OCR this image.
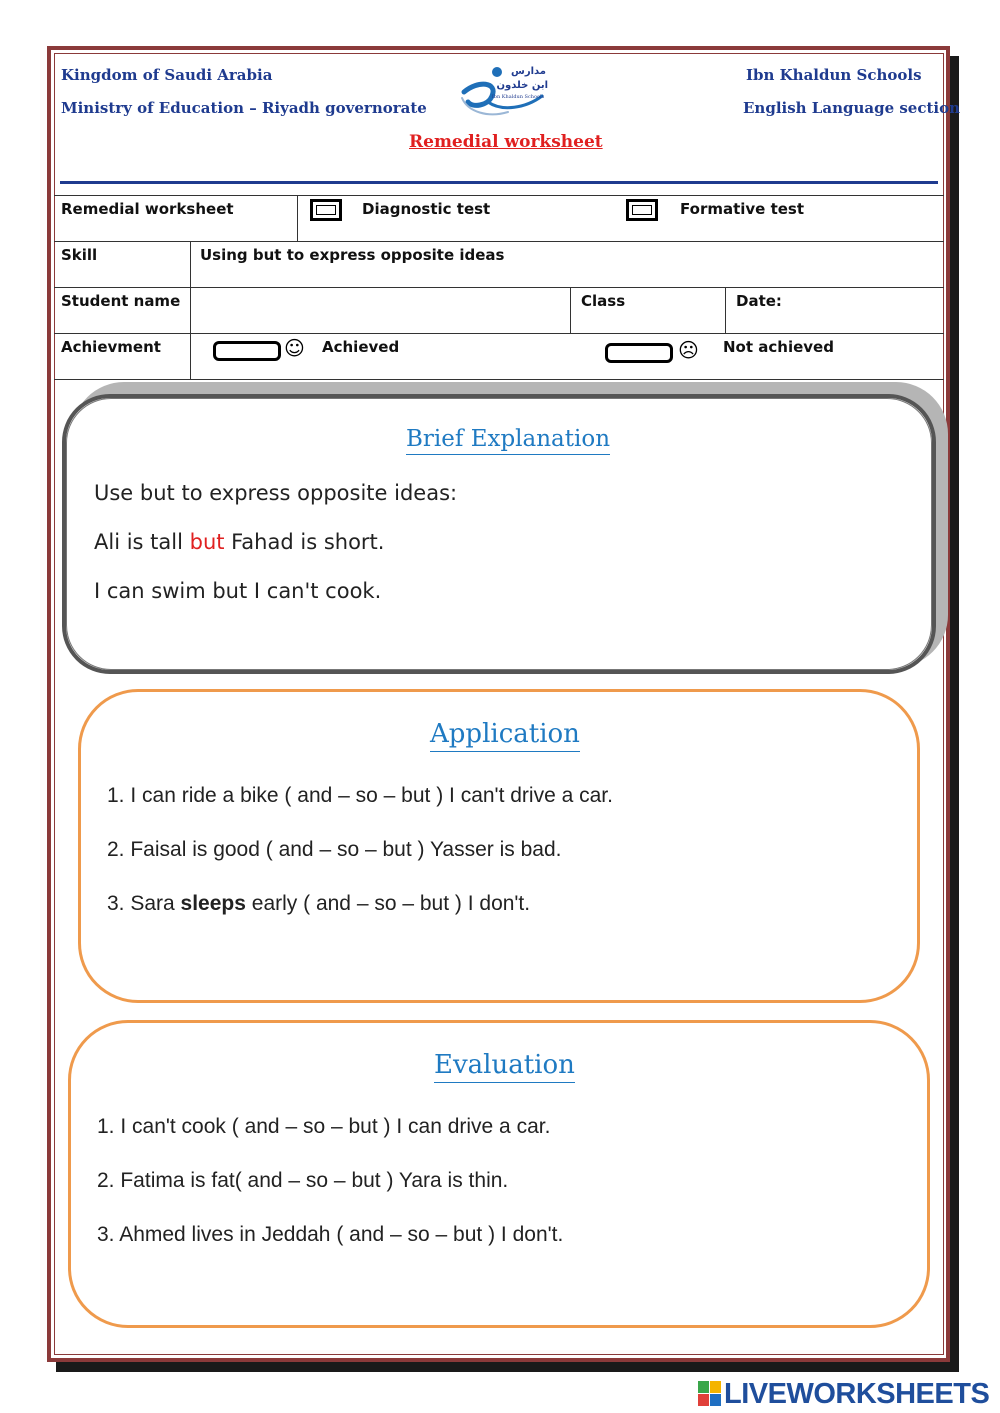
Kingdom of Saudi Arabia
Ministry of Education – Riyadh governorate
Ibn Khaldun Schools
English Language section
مدارس
ابن خلدون
Ibn Khaldun Schools
Remedial worksheet
Remedial worksheet	Diagnostic test	Formative test
Skill	Using but to express opposite ideas
Student name	Class	Date:
Achievment	☺ Achieved	☹ Not achieved
Brief Explanation
Use but to express opposite ideas:
Ali is tall but Fahad is short.
I can swim but I can't cook.
Application
1. I can ride a bike ( and – so – but ) I can't drive a car.
2. Faisal is good ( and – so – but ) Yasser is bad.
3. Sara sleeps early ( and – so – but ) I don't.
Evaluation
1. I can't cook ( and – so – but ) I can drive a car.
2. Fatima is fat( and – so – but ) Yara is thin.
3. Ahmed lives in Jeddah ( and – so – but ) I don't.
LIVEWORKSHEETS
